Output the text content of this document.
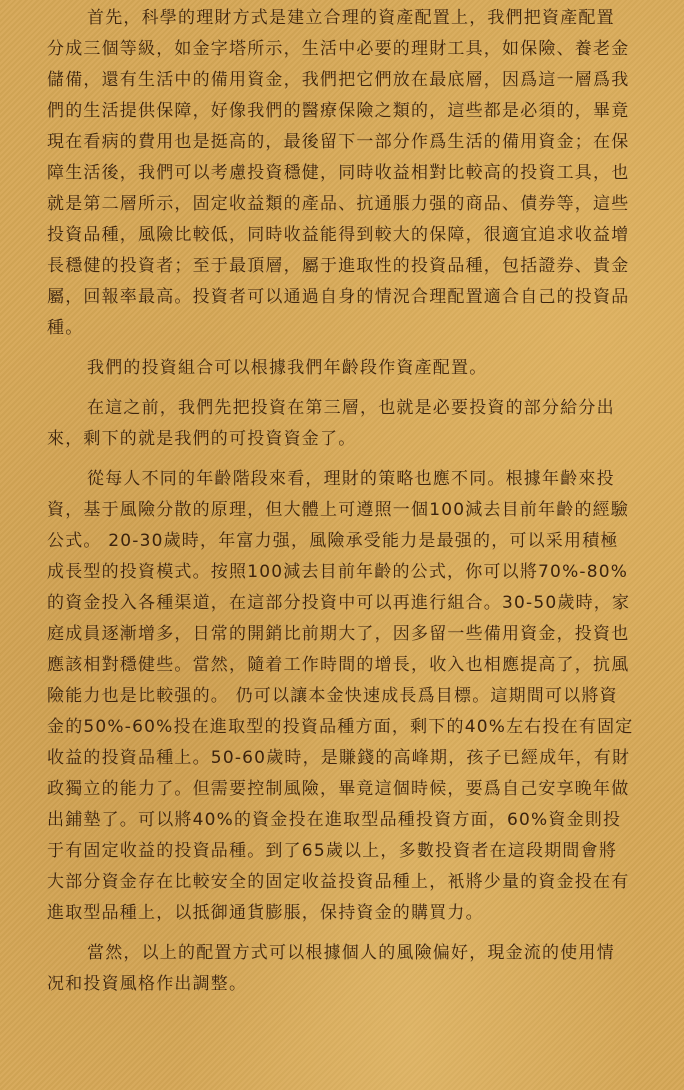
首先，科學的理財方式是建立合理的資產配置上，我們把資產配置
分成三個等級，如金字塔所示，生活中必要的理財工具，如保險、養老金
儲備，還有生活中的備用資金，我們把它們放在最底層，因爲這一層爲我
們的生活提供保障，好像我們的醫療保險之類的，這些都是必須的，畢竟
現在看病的費用也是挺高的，最後留下一部分作爲生活的備用資金；在保
障生活後，我們可以考慮投資穩健，同時收益相對比較高的投資工具，也
就是第二層所示，固定收益類的產品、抗通脹力强的商品、債券等，這些
投資品種，風險比較低，同時收益能得到較大的保障，很適宜追求收益增
長穩健的投資者；至于最頂層，屬于進取性的投資品種，包括證券、貴金
屬，回報率最高。投資者可以通過自身的情況合理配置適合自己的投資品
種。
我們的投資組合可以根據我們年齡段作資產配置。
在這之前，我們先把投資在第三層，也就是必要投資的部分給分出
來，剩下的就是我們的可投資資金了。
從每人不同的年齡階段來看，理財的策略也應不同。根據年齡來投
資，基于風險分散的原理，但大體上可遵照一個100減去目前年齡的經驗
公式。 20-30歲時，年富力强，風險承受能力是最强的，可以采用積極
成長型的投資模式。按照100減去目前年齡的公式，你可以將70%-80%
的資金投入各種渠道，在這部分投資中可以再進行組合。30-50歲時，家
庭成員逐漸增多，日常的開銷比前期大了，因多留一些備用資金，投資也
應該相對穩健些。當然，隨着工作時間的增長，收入也相應提高了，抗風
險能力也是比較强的。 仍可以讓本金快速成長爲目標。這期間可以將資
金的50%-60%投在進取型的投資品種方面，剩下的40%左右投在有固定
收益的投資品種上。50-60歲時，是賺錢的高峰期，孩子已經成年，有財
政獨立的能力了。但需要控制風險，畢竟這個時候，要爲自己安享晚年做
出鋪墊了。可以將40%的資金投在進取型品種投資方面，60%資金則投
于有固定收益的投資品種。到了65歲以上，多數投資者在這段期間會將
大部分資金存在比較安全的固定收益投資品種上，衹將少量的資金投在有
進取型品種上，以抵御通貨膨脹，保持資金的購買力。
當然，以上的配置方式可以根據個人的風險偏好，現金流的使用情
况和投資風格作出調整。
